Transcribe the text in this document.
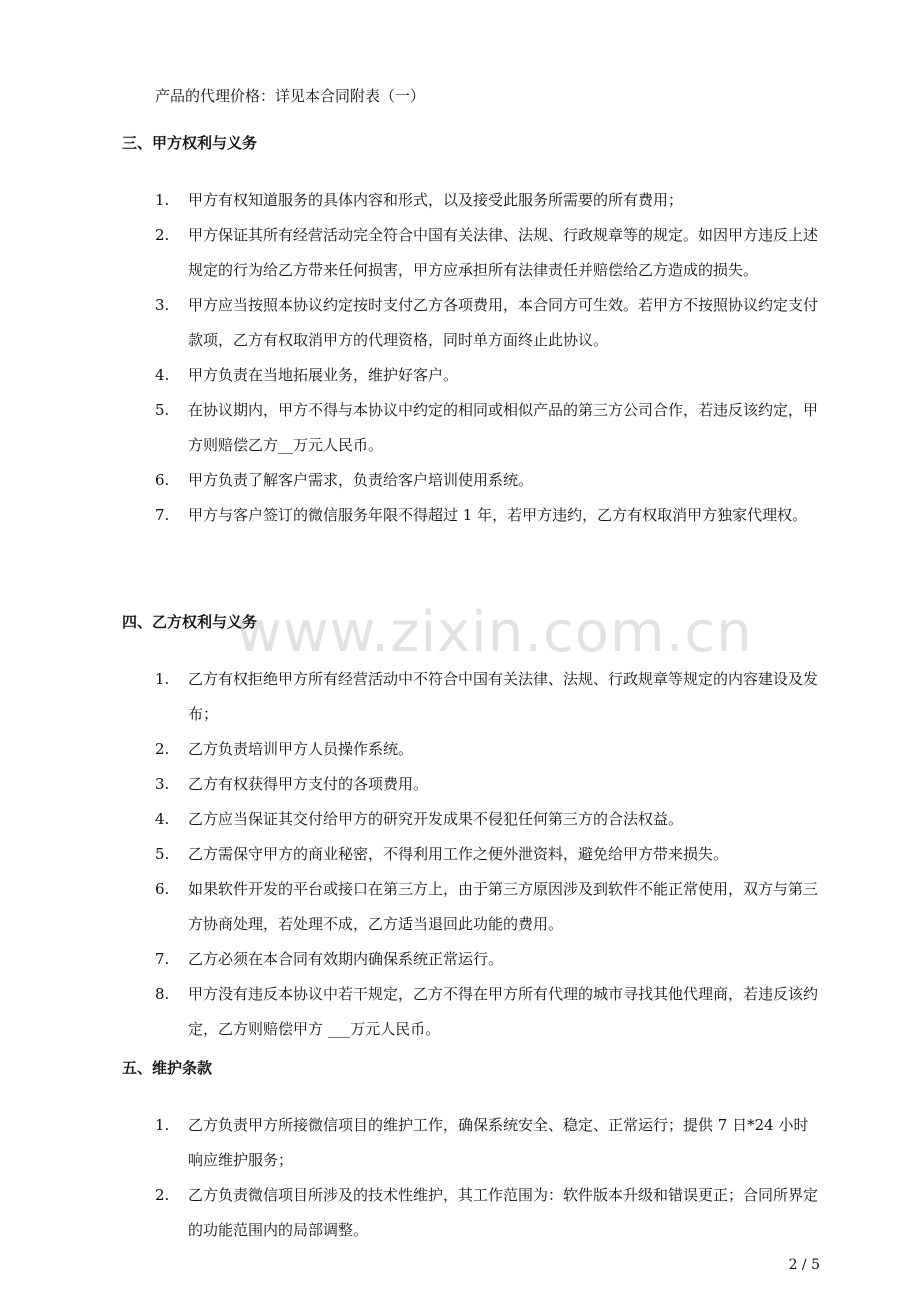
产品的代理价格：详见本合同附表（一）
三、甲方权利与义务
1.	甲方有权知道服务的具体内容和形式，以及接受此服务所需要的所有费用；
2.	甲方保证其所有经营活动完全符合中国有关法律、法规、行政规章等的规定。如因甲方违反上述规定的行为给乙方带来任何损害，甲方应承担所有法律责任并赔偿给乙方造成的损失。
3.	甲方应当按照本协议约定按时支付乙方各项费用，本合同方可生效。若甲方不按照协议约定支付款项，乙方有权取消甲方的代理资格，同时单方面终止此协议。
4.	甲方负责在当地拓展业务，维护好客户。
5.	在协议期内，甲方不得与本协议中约定的相同或相似产品的第三方公司合作，若违反该约定，甲方则赔偿乙方__万元人民币。
6.	甲方负责了解客户需求，负责给客户培训使用系统。
7.	甲方与客户签订的微信服务年限不得超过 1 年，若甲方违约，乙方有权取消甲方独家代理权。
四、乙方权利与义务
1.	乙方有权拒绝甲方所有经营活动中不符合中国有关法律、法规、行政规章等规定的内容建设及发布；
2.	乙方负责培训甲方人员操作系统。
3.	乙方有权获得甲方支付的各项费用。
4.	乙方应当保证其交付给甲方的研究开发成果不侵犯任何第三方的合法权益。
5.	乙方需保守甲方的商业秘密，不得利用工作之便外泄资料，避免给甲方带来损失。
6.	如果软件开发的平台或接口在第三方上，由于第三方原因涉及到软件不能正常使用，双方与第三方协商处理，若处理不成，乙方适当退回此功能的费用。
7.	乙方必须在本合同有效期内确保系统正常运行。
8.	甲方没有违反本协议中若干规定，乙方不得在甲方所有代理的城市寻找其他代理商，若违反该约定，乙方则赔偿甲方 ___万元人民币。
五、维护条款
1.	乙方负责甲方所接微信项目的维护工作，确保系统安全、稳定、正常运行；提供 7 日*24 小时响应维护服务；
2.	乙方负责微信项目所涉及的技术性维护，其工作范围为：软件版本升级和错误更正；合同所界定的功能范围内的局部调整。
www.zixin.com.cn
2 / 5
